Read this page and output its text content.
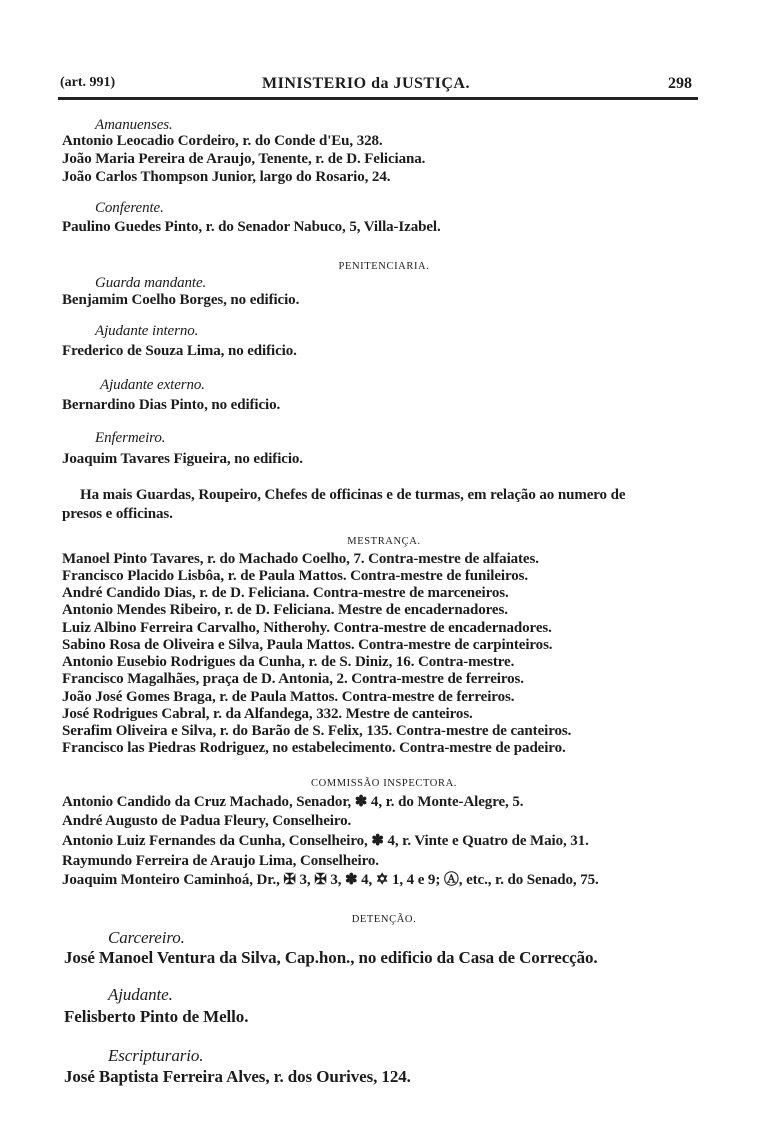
(art. 991)	MINISTERIO da JUSTIÇA.	298
Amanuenses.
Antonio Leocadio Cordeiro, r. do Conde d'Eu, 328.
João Maria Pereira de Araujo, Tenente, r. de D. Feliciana.
João Carlos Thompson Junior, largo do Rosario, 24.
Conferente.
Paulino Guedes Pinto, r. do Senador Nabuco, 5, Villa-Izabel.
PENITENCIARIA.
Guarda mandante.
Benjamim Coelho Borges, no edificio.
Ajudante interno.
Frederico de Souza Lima, no edificio.
Ajudante externo.
Bernardino Dias Pinto, no edificio.
Enfermeiro.
Joaquim Tavares Figueira, no edificio.
Ha mais Guardas, Roupeiro, Chefes de officinas e de turmas, em relação ao numero de
presos e officinas.
MESTRANÇA.
Manoel Pinto Tavares, r. do Machado Coelho, 7. Contra-mestre de alfaiates.
Francisco Placido Lisbôa, r. de Paula Mattos. Contra-mestre de funileiros.
André Candido Dias, r. de D. Feliciana. Contra-mestre de marceneiros.
Antonio Mendes Ribeiro, r. de D. Feliciana. Mestre de encadernadores.
Luiz Albino Ferreira Carvalho, Nitherohy. Contra-mestre de encadernadores.
Sabino Rosa de Oliveira e Silva, Paula Mattos. Contra-mestre de carpinteiros.
Antonio Eusebio Rodrigues da Cunha, r. de S. Diniz, 16. Contra-mestre.
Francisco Magalhães, praça de D. Antonia, 2. Contra-mestre de ferreiros.
João José Gomes Braga, r. de Paula Mattos. Contra-mestre de ferreiros.
José Rodrigues Cabral, r. da Alfandega, 332. Mestre de canteiros.
Serafim Oliveira e Silva, r. do Barão de S. Felix, 135. Contra-mestre de canteiros.
Francisco las Piedras Rodriguez, no estabelecimento. Contra-mestre de padeiro.
COMMISSÃO INSPECTORA.
Antonio Candido da Cruz Machado, Senador, ✽ 4, r. do Monte-Alegre, 5.
André Augusto de Padua Fleury, Conselheiro.
Antonio Luiz Fernandes da Cunha, Conselheiro, ✽ 4, r. Vinte e Quatro de Maio, 31.
Raymundo Ferreira de Araujo Lima, Conselheiro.
Joaquim Monteiro Caminhoá, Dr., ✠ 3, ✠ 3, ✽ 4, ✡ 1, 4 e 9; Ⓐ, etc., r. do Senado, 75.
DETENÇÃO.
Carcereiro.
José Manoel Ventura da Silva, Cap.hon., no edificio da Casa de Correcção.
Ajudante.
Felisberto Pinto de Mello.
Escripturario.
José Baptista Ferreira Alves, r. dos Ourives, 124.
